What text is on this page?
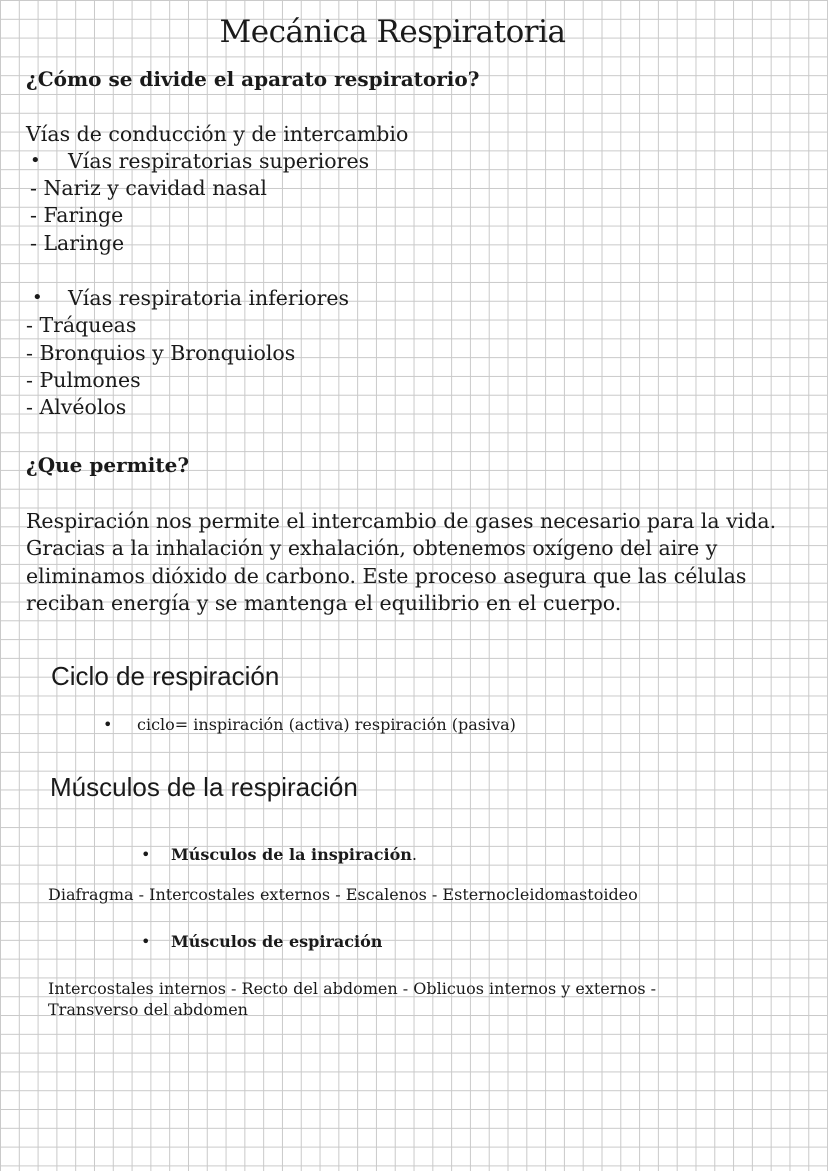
Mecánica Respiratoria
¿Cómo se divide el aparato respiratorio?
Vías de conducción y de intercambio
• Vías respiratorias superiores
- Nariz y cavidad nasal
- Faringe
- Laringe
• Vías respiratoria inferiores
- Tráqueas
- Bronquios y Bronquiolos
- Pulmones
- Alvéolos
¿Que permite?
Respiración nos permite el intercambio de gases necesario para la vida. Gracias a la inhalación y exhalación, obtenemos oxígeno del aire y eliminamos dióxido de carbono. Este proceso asegura que las células reciban energía y se mantenga el equilibrio en el cuerpo.
Ciclo de respiración
• ciclo= inspiración (activa) respiración (pasiva)
Músculos de la respiración
• Músculos de la inspiración.
Diafragma - Intercostales externos - Escalenos - Esternocleidomastoideo
• Músculos de espiración
Intercostales internos - Recto del abdomen - Oblicuos internos y externos -
Transverso del abdomen
